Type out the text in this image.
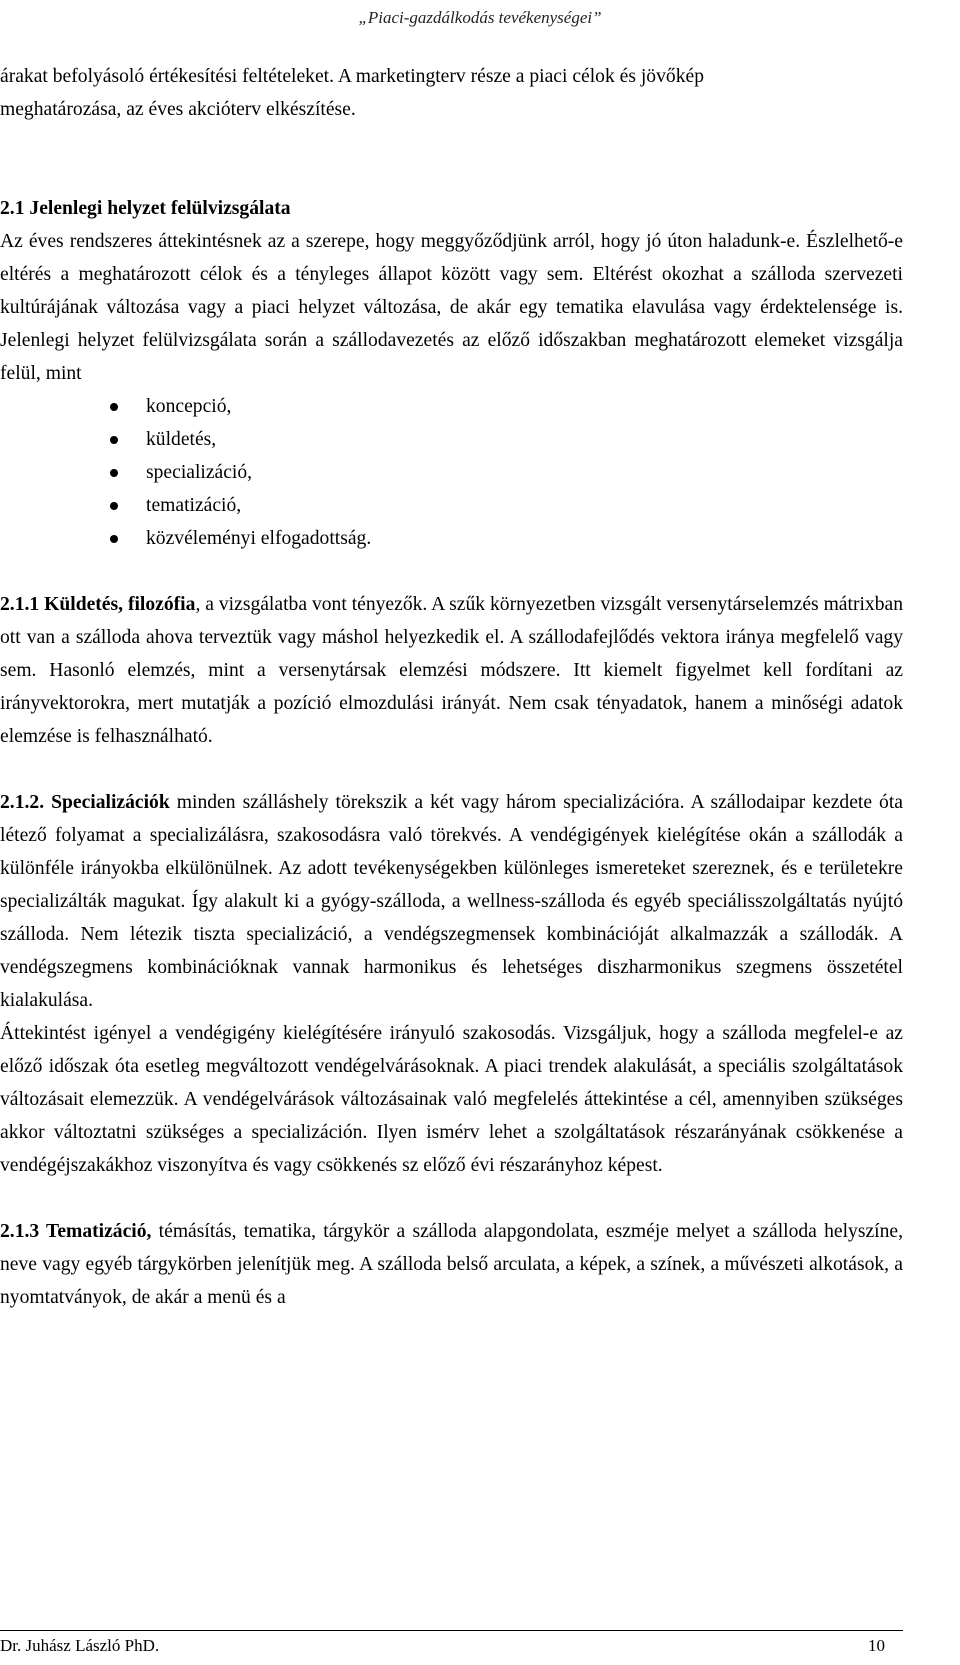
„Piaci-gazdálkodás tevékenységei”

árakat befolyásoló értékesítési feltételeket. A marketingterv része a piaci célok és jövőkép

meghatározása, az éves akcióterv elkészítése.

2.1 Jelenlegi helyzet felülvizsgálata

Az éves rendszeres áttekintésnek az a szerepe, hogy meggyőződjünk arról, hogy jó úton haladunk-e. Észlelhető-e eltérés a meghatározott célok és a tényleges állapot között vagy sem. Eltérést okozhat a szálloda szervezeti kultúrájának változása vagy a piaci helyzet változása, de akár egy tematika elavulása vagy érdektelensége is. Jelenlegi helyzet felülvizsgálata során a szállodavezetés az előző időszakban meghatározott elemeket vizsgálja felül, mint

koncepció,
küldetés,
specializáció,
tematizáció,
közvéleményi elfogadottság.

2.1.1 Küldetés, filozófia, a vizsgálatba vont tényezők. A szűk környezetben vizsgált versenytárselemzés mátrixban ott van a szálloda ahova terveztük vagy máshol helyezkedik el. A szállodafejlődés vektora iránya megfelelő vagy sem. Hasonló elemzés, mint a versenytársak elemzési módszere. Itt kiemelt figyelmet kell fordítani az irányvektorokra, mert mutatják a pozíció elmozdulási irányát. Nem csak tényadatok, hanem a minőségi adatok elemzése is felhasználható.

2.1.2. Specializációk minden szálláshely törekszik a két vagy három specializációra. A szállodaipar kezdete óta létező folyamat a specializálásra, szakosodásra való törekvés. A vendégigények kielégítése okán a szállodák a különféle irányokba elkülönülnek. Az adott tevékenységekben különleges ismereteket szereznek, és e területekre specializálták magukat. Így alakult ki a gyógy-szálloda, a wellness-szálloda és egyéb speciálisszolgáltatás nyújtó szálloda. Nem létezik tiszta specializáció, a vendégszegmensek kombinációját alkalmazzák a szállodák. A vendégszegmens kombinációknak vannak harmonikus és lehetséges diszharmonikus szegmens összetétel kialakulása.

Áttekintést igényel a vendégigény kielégítésére irányuló szakosodás. Vizsgáljuk, hogy a szálloda megfelel-e az előző időszak óta esetleg megváltozott vendégelvárásoknak. A piaci trendek alakulását, a speciális szolgáltatások változásait elemezzük. A vendégelvárások változásainak való megfelelés áttekintése a cél, amennyiben szükséges akkor változtatni szükséges a specializáción. Ilyen ismérv lehet a szolgáltatások részarányának csökkenése a vendégéjszakákhoz viszonyítva és vagy csökkenés sz előző évi részarányhoz képest.

2.1.3 Tematizáció, témásítás, tematika, tárgykör a szálloda alapgondolata, eszméje melyet a szálloda helyszíne, neve vagy egyéb tárgykörben jelenítjük meg. A szálloda belső arculata, a képek, a színek, a művészeti alkotások, a nyomtatványok, de akár a menü és a

Dr. Juhász László PhD.	10
